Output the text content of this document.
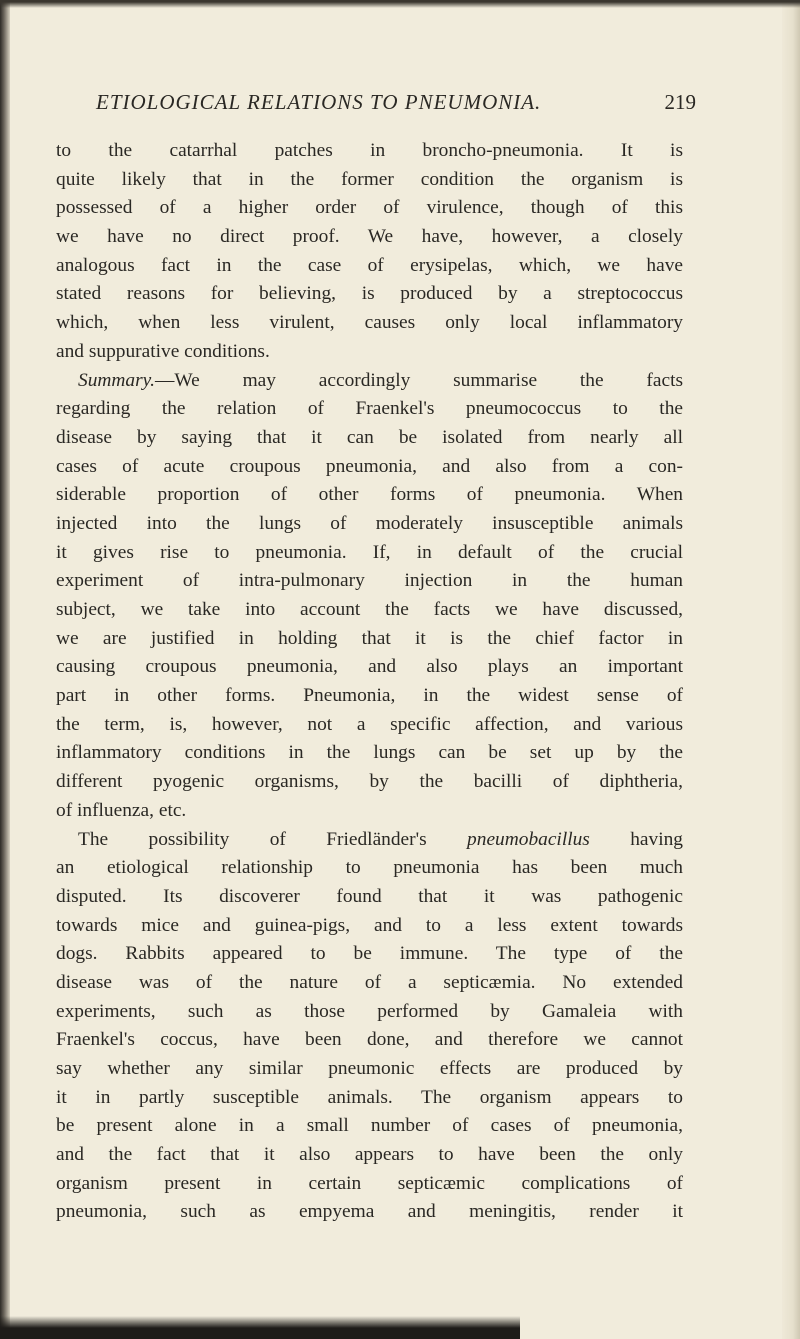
ETIOLOGICAL RELATIONS TO PNEUMONIA.	219
to the catarrhal patches in broncho-pneumonia. It is
quite likely that in the former condition the organism is
possessed of a higher order of virulence, though of this
we have no direct proof. We have, however, a closely
analogous fact in the case of erysipelas, which, we have
stated reasons for believing, is produced by a streptococcus
which, when less virulent, causes only local inflammatory
and suppurative conditions.
Summary.—We may accordingly summarise the facts
regarding the relation of Fraenkel's pneumococcus to the
disease by saying that it can be isolated from nearly all
cases of acute croupous pneumonia, and also from a con-
siderable proportion of other forms of pneumonia. When
injected into the lungs of moderately insusceptible animals
it gives rise to pneumonia. If, in default of the crucial
experiment of intra-pulmonary injection in the human
subject, we take into account the facts we have discussed,
we are justified in holding that it is the chief factor in
causing croupous pneumonia, and also plays an important
part in other forms. Pneumonia, in the widest sense of
the term, is, however, not a specific affection, and various
inflammatory conditions in the lungs can be set up by the
different pyogenic organisms, by the bacilli of diphtheria,
of influenza, etc.
The possibility of Friedländer's pneumobacillus having
an etiological relationship to pneumonia has been much
disputed. Its discoverer found that it was pathogenic
towards mice and guinea-pigs, and to a less extent towards
dogs. Rabbits appeared to be immune. The type of the
disease was of the nature of a septicæmia. No extended
experiments, such as those performed by Gamaleia with
Fraenkel's coccus, have been done, and therefore we cannot
say whether any similar pneumonic effects are produced by
it in partly susceptible animals. The organism appears to
be present alone in a small number of cases of pneumonia,
and the fact that it also appears to have been the only
organism present in certain septicæmic complications of
pneumonia, such as empyema and meningitis, render it
